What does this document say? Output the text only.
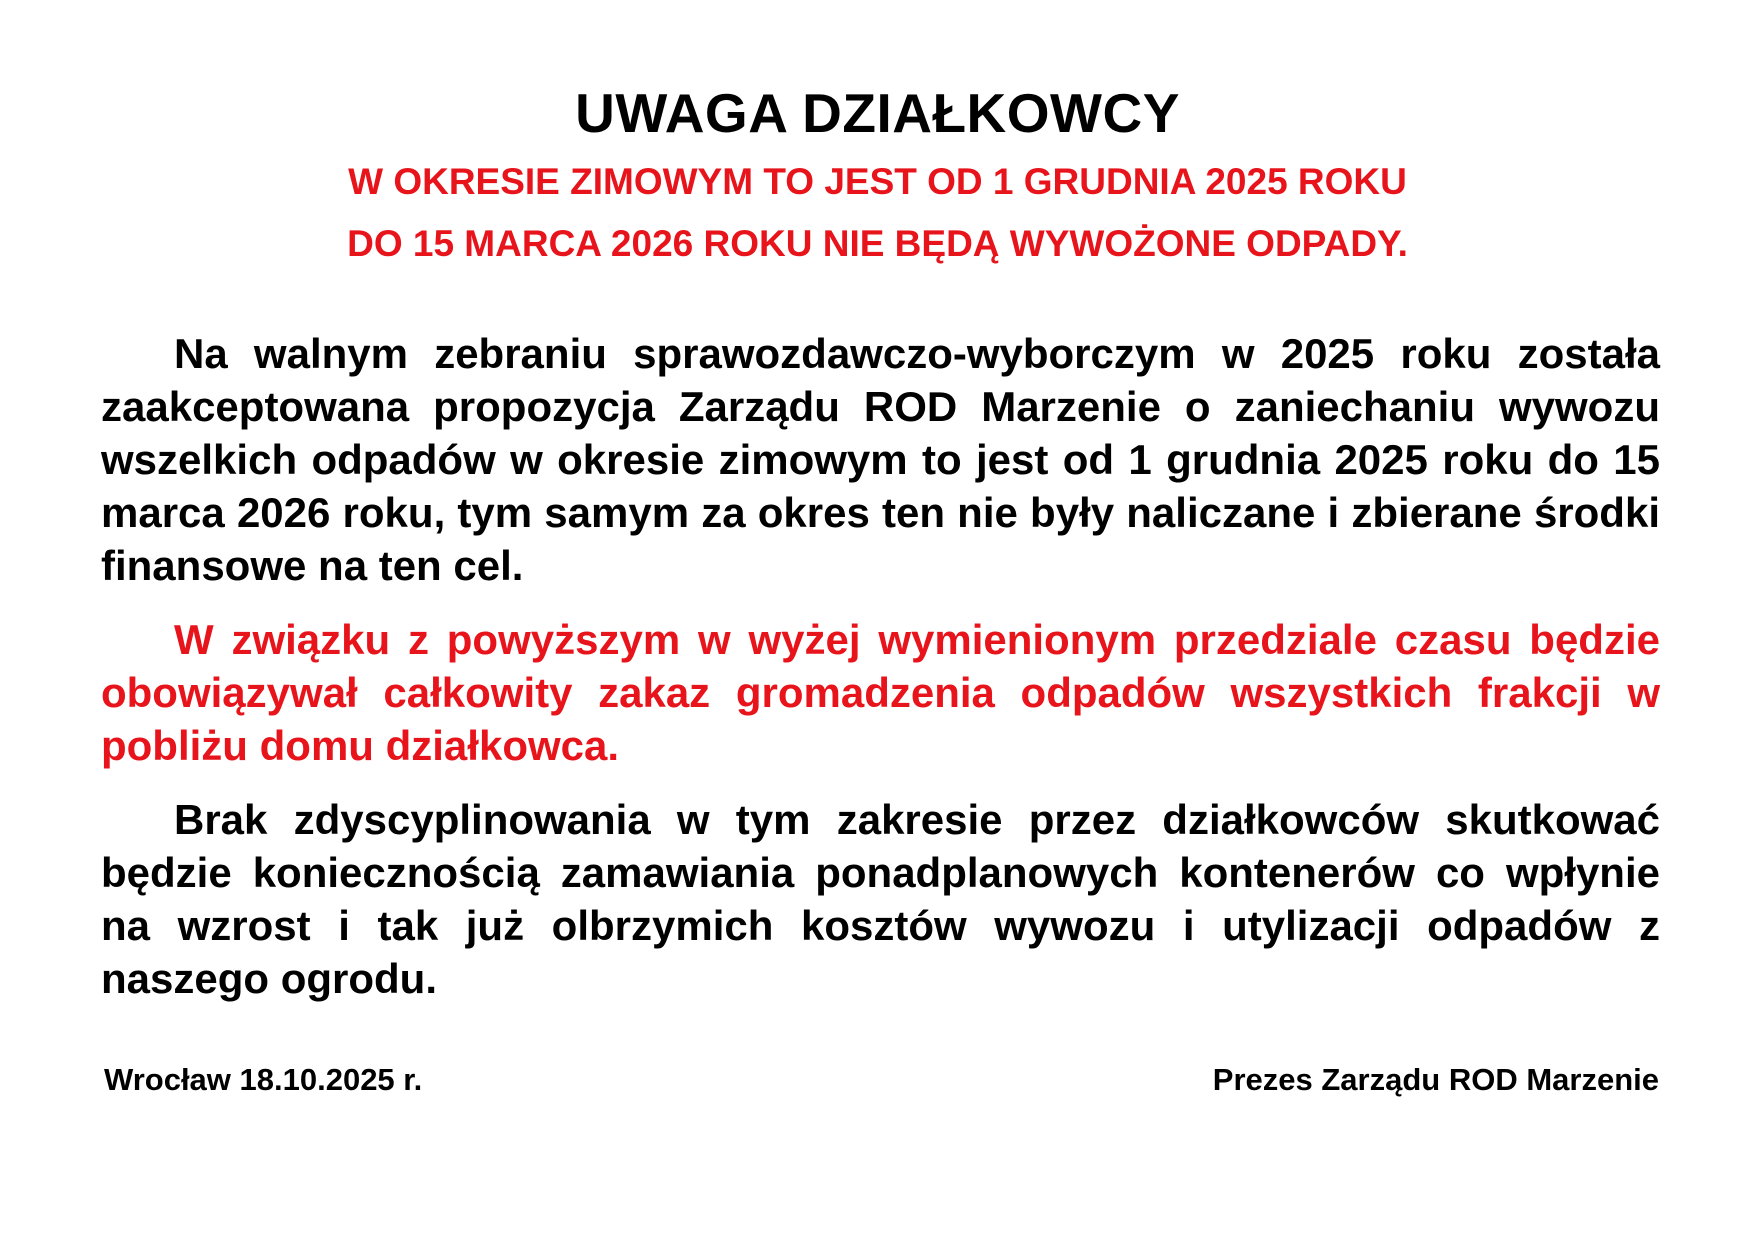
UWAGA DZIAŁKOWCY
W OKRESIE ZIMOWYM TO JEST OD 1 GRUDNIA 2025 ROKU
DO 15 MARCA 2026 ROKU NIE BĘDĄ WYWOŻONE ODPADY.

Na walnym zebraniu sprawozdawczo-wyborczym w 2025 roku została zaakceptowana propozycja Zarządu ROD Marzenie o zaniechaniu wywozu wszelkich odpadów w okresie zimowym to jest od 1 grudnia 2025 roku do 15 marca 2026 roku, tym samym za okres ten nie były naliczane i zbierane środki finansowe na ten cel.

W związku z powyższym w wyżej wymienionym przedziale czasu będzie obowiązywał całkowity zakaz gromadzenia odpadów wszystkich frakcji w pobliżu domu działkowca.

Brak zdyscyplinowania w tym zakresie przez działkowców skutkować będzie koniecznością zamawiania ponadplanowych kontenerów co wpłynie na wzrost i tak już olbrzymich kosztów wywozu i utylizacji odpadów z naszego ogrodu.

Wrocław 18.10.2025 r.	Prezes Zarządu ROD Marzenie
